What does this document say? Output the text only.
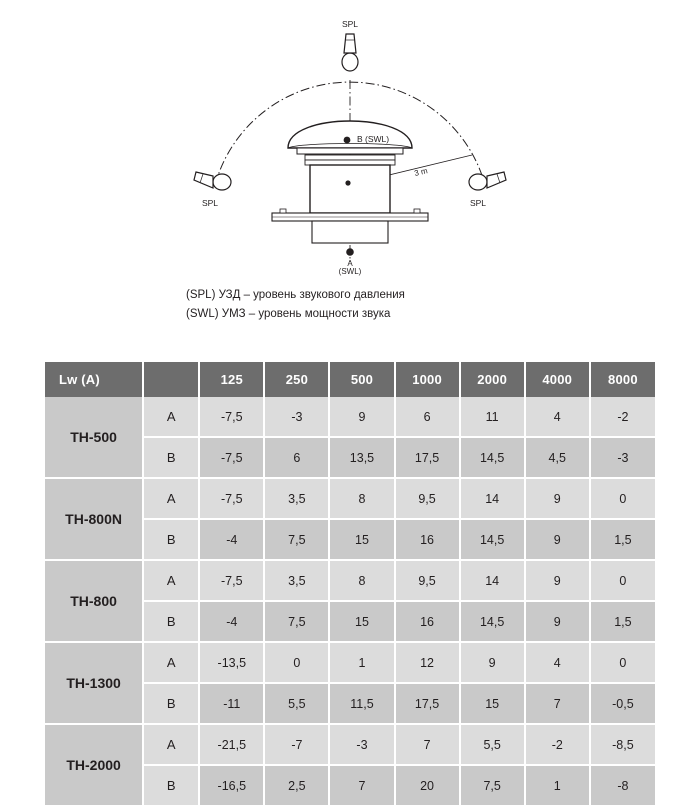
3 m
B (SWL)
A
(SWL)
SPL
SPL	SPL
(SPL) УЗД – уровень звукового давления
(SWL) УМЗ – уровень мощности звука
Lw (A)		125	250	500	1000	2000	4000	8000
TH-500	A	-7,5	-3	9	6	11	4	-2
	B	-7,5	6	13,5	17,5	14,5	4,5	-3
TH-800N	A	-7,5	3,5	8	9,5	14	9	0
	B	-4	7,5	15	16	14,5	9	1,5
TH-800	A	-7,5	3,5	8	9,5	14	9	0
	B	-4	7,5	15	16	14,5	9	1,5
TH-1300	A	-13,5	0	1	12	9	4	0
	B	-11	5,5	11,5	17,5	15	7	-0,5
TH-2000	A	-21,5	-7	-3	7	5,5	-2	-8,5
	B	-16,5	2,5	7	20	7,5	1	-8
